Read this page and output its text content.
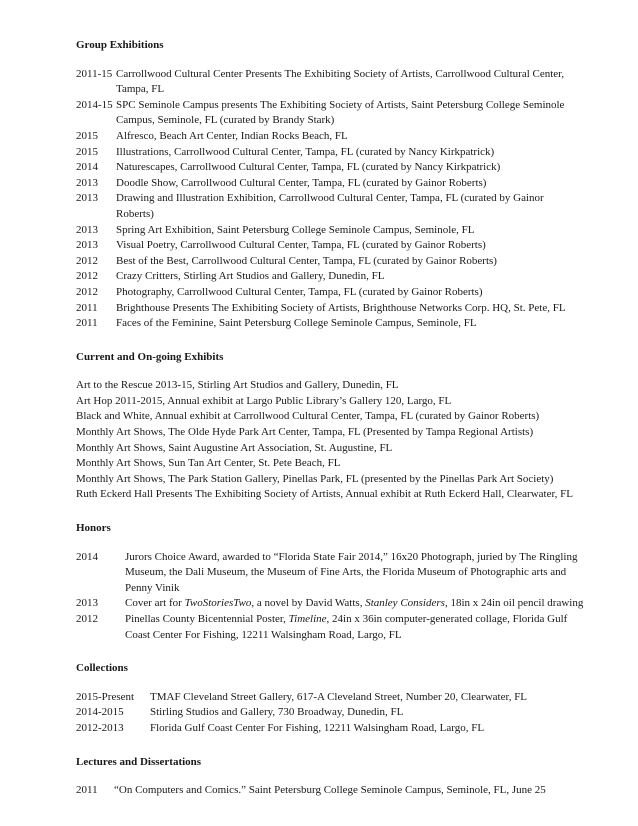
Group Exhibitions
2011-15 Carrollwood Cultural Center Presents The Exhibiting Society of Artists, Carrollwood Cultural Center,
Tampa, FL
2014-15 SPC Seminole Campus presents The Exhibiting Society of Artists, Saint Petersburg College Seminole
Campus, Seminole, FL (curated by Brandy Stark)
2015	Alfresco, Beach Art Center, Indian Rocks Beach, FL
2015	Illustrations, Carrollwood Cultural Center, Tampa, FL (curated by Nancy Kirkpatrick)
2014	Naturescapes, Carrollwood Cultural Center, Tampa, FL (curated by Nancy Kirkpatrick)
2013	Doodle Show, Carrollwood Cultural Center, Tampa, FL (curated by Gainor Roberts)
2013	Drawing and Illustration Exhibition, Carrollwood Cultural Center, Tampa, FL (curated by Gainor
Roberts)
2013	Spring Art Exhibition, Saint Petersburg College Seminole Campus, Seminole, FL
2013	Visual Poetry, Carrollwood Cultural Center, Tampa, FL (curated by Gainor Roberts)
2012	Best of the Best, Carrollwood Cultural Center, Tampa, FL (curated by Gainor Roberts)
2012	Crazy Critters, Stirling Art Studios and Gallery, Dunedin, FL
2012	Photography, Carrollwood Cultural Center, Tampa, FL (curated by Gainor Roberts)
2011	Brighthouse Presents The Exhibiting Society of Artists, Brighthouse Networks Corp. HQ, St. Pete, FL
2011	Faces of the Feminine, Saint Petersburg College Seminole Campus, Seminole, FL
Current and On-going Exhibits
Art to the Rescue 2013-15, Stirling Art Studios and Gallery, Dunedin, FL
Art Hop 2011-2015, Annual exhibit at Largo Public Library’s Gallery 120, Largo, FL
Black and White, Annual exhibit at Carrollwood Cultural Center, Tampa, FL (curated by Gainor Roberts)
Monthly Art Shows, The Olde Hyde Park Art Center, Tampa, FL (Presented by Tampa Regional Artists)
Monthly Art Shows, Saint Augustine Art Association, St. Augustine, FL
Monthly Art Shows, Sun Tan Art Center, St. Pete Beach, FL
Monthly Art Shows, The Park Station Gallery, Pinellas Park, FL (presented by the Pinellas Park Art Society)
Ruth Eckerd Hall Presents The Exhibiting Society of Artists, Annual exhibit at Ruth Eckerd Hall, Clearwater, FL
Honors
2014	Jurors Choice Award, awarded to “Florida State Fair 2014,” 16x20 Photograph, juried by The Ringling
Museum, the Dali Museum, the Museum of Fine Arts, the Florida Museum of Photographic arts and
Penny Vinik
2013	Cover art for TwoStoriesTwo, a novel by David Watts, Stanley Considers, 18in x 24in oil pencil drawing
2012	Pinellas County Bicentennial Poster, Timeline, 24in x 36in computer-generated collage, Florida Gulf
Coast Center For Fishing, 12211 Walsingham Road, Largo, FL
Collections
2015-Present	TMAF Cleveland Street Gallery, 617-A Cleveland Street, Number 20, Clearwater, FL
2014-2015	Stirling Studios and Gallery, 730 Broadway, Dunedin, FL
2012-2013	Florida Gulf Coast Center For Fishing, 12211 Walsingham Road, Largo, FL
Lectures and Dissertations
2011	“On Computers and Comics.” Saint Petersburg College Seminole Campus, Seminole, FL, June 25
